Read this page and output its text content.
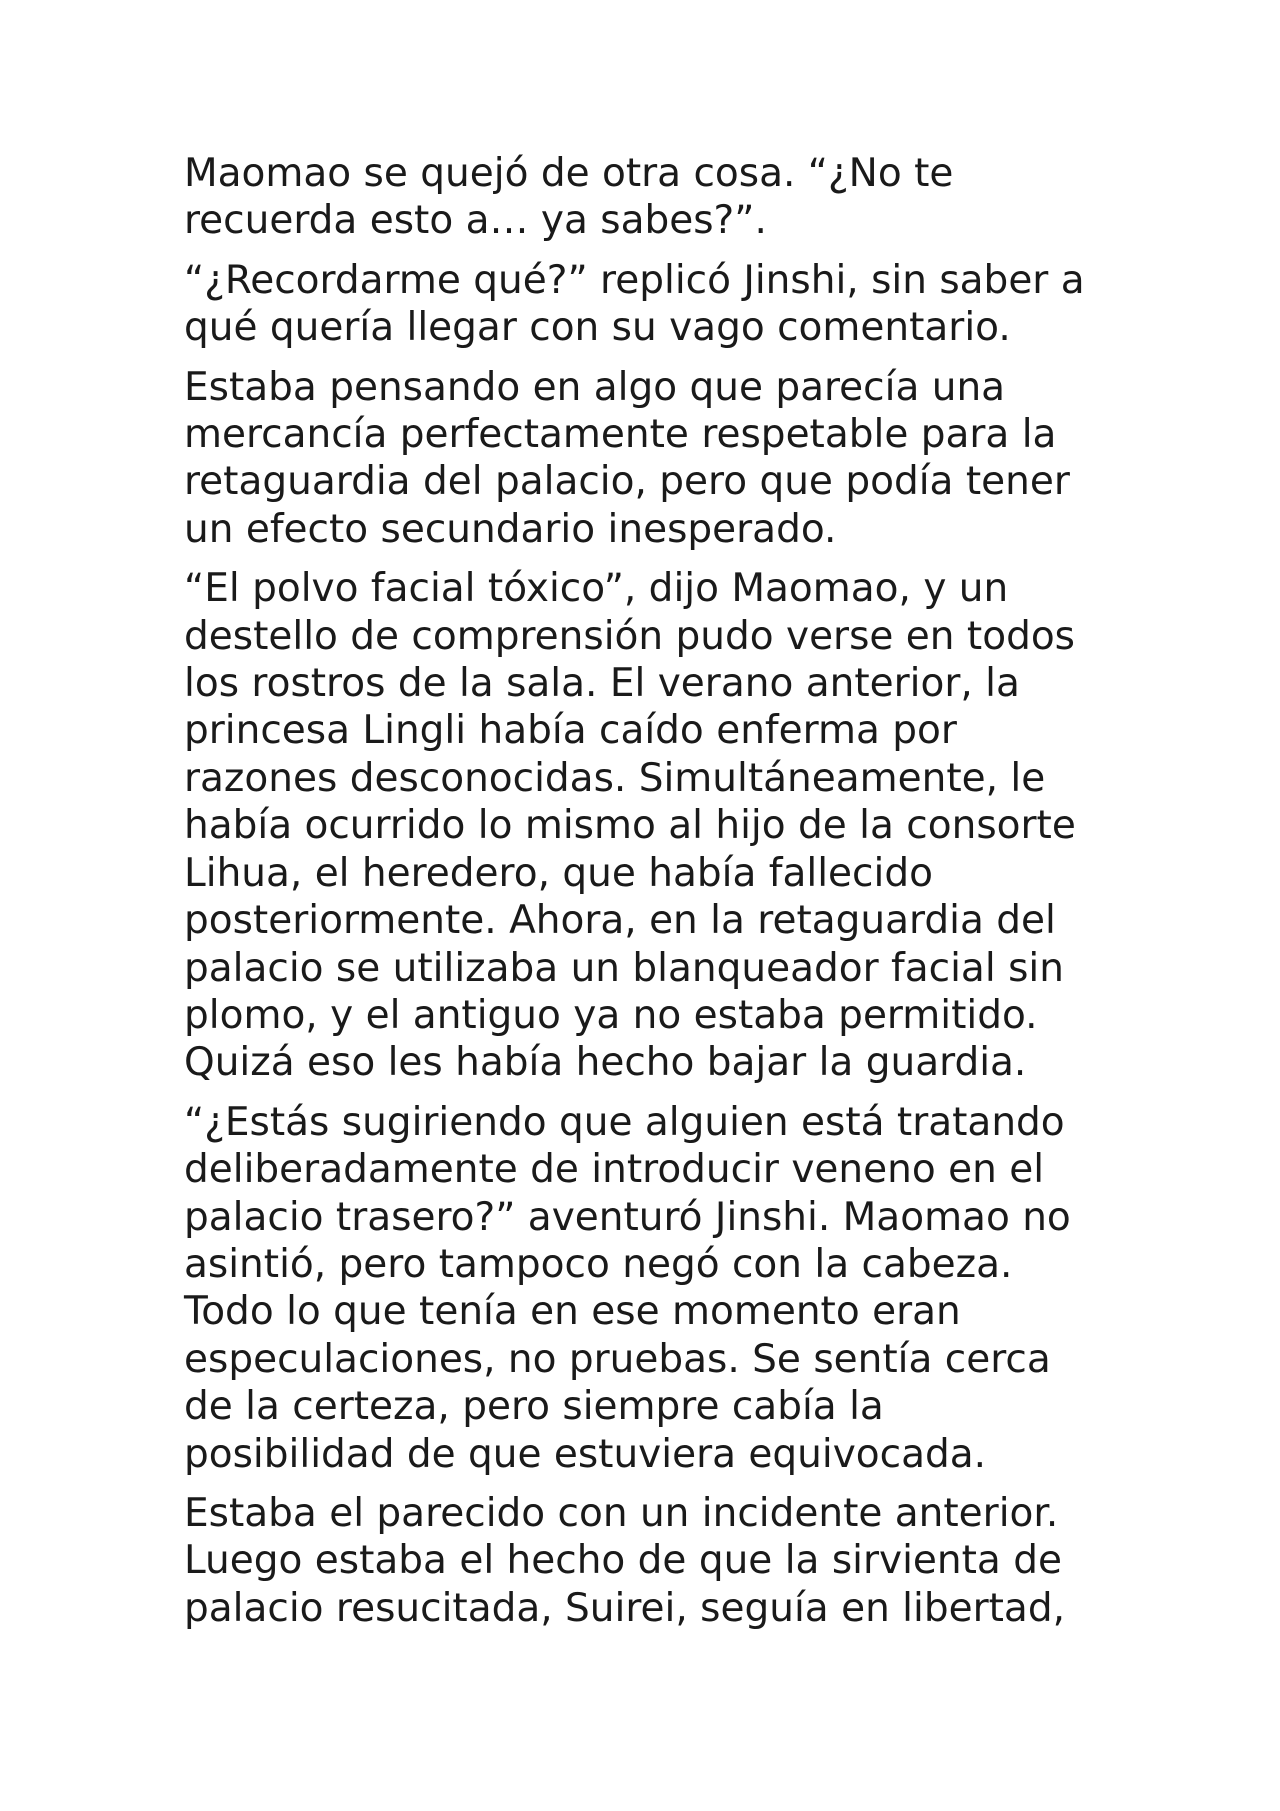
Maomao se quejó de otra cosa. “¿No te
recuerda esto a… ya sabes?”.

“¿Recordarme qué?” replicó Jinshi, sin saber a
qué quería llegar con su vago comentario.

Estaba pensando en algo que parecía una
mercancía perfectamente respetable para la
retaguardia del palacio, pero que podía tener
un efecto secundario inesperado.

“El polvo facial tóxico”, dijo Maomao, y un
destello de comprensión pudo verse en todos
los rostros de la sala. El verano anterior, la
princesa Lingli había caído enferma por
razones desconocidas. Simultáneamente, le
había ocurrido lo mismo al hijo de la consorte
Lihua, el heredero, que había fallecido
posteriormente. Ahora, en la retaguardia del
palacio se utilizaba un blanqueador facial sin
plomo, y el antiguo ya no estaba permitido.
Quizá eso les había hecho bajar la guardia.

“¿Estás sugiriendo que alguien está tratando
deliberadamente de introducir veneno en el
palacio trasero?” aventuró Jinshi. Maomao no
asintió, pero tampoco negó con la cabeza.
Todo lo que tenía en ese momento eran
especulaciones, no pruebas. Se sentía cerca
de la certeza, pero siempre cabía la
posibilidad de que estuviera equivocada.

Estaba el parecido con un incidente anterior.
Luego estaba el hecho de que la sirvienta de
palacio resucitada, Suirei, seguía en libertad,
